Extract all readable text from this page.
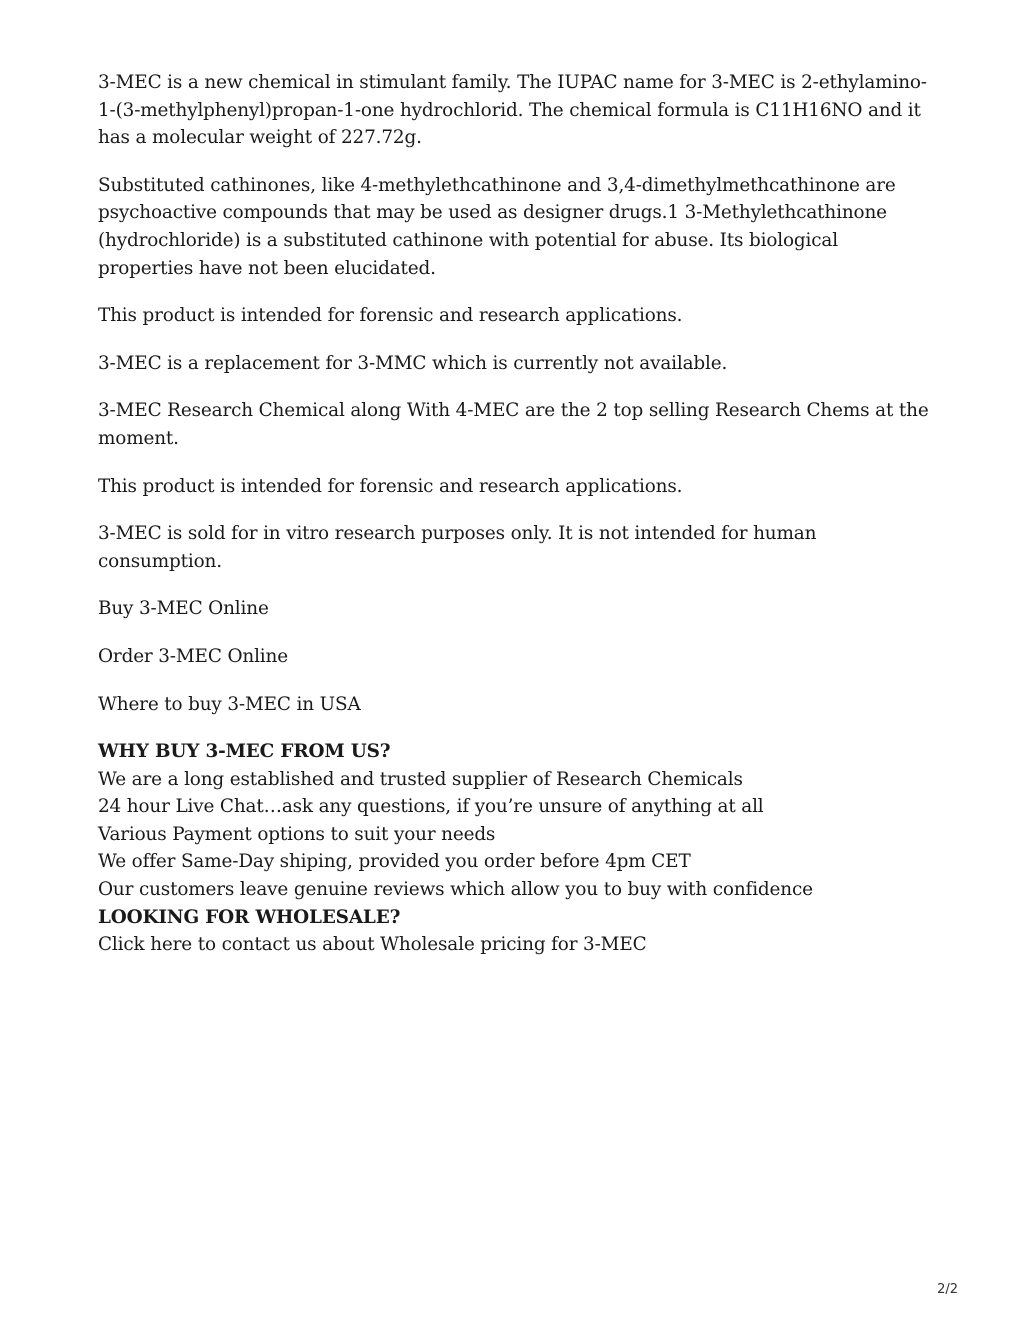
3-MEC is a new chemical in stimulant family. The IUPAC name for 3-MEC is 2-ethylamino-1-(3-methylphenyl)propan-1-one hydrochlorid. The chemical formula is C11H16NO and it has a molecular weight of 227.72g.

Substituted cathinones, like 4-methylethcathinone and 3,4-dimethylmethcathinone are psychoactive compounds that may be used as designer drugs.1 3-Methylethcathinone (hydrochloride) is a substituted cathinone with potential for abuse. Its biological properties have not been elucidated.

This product is intended for forensic and research applications.

3-MEC is a replacement for 3-MMC which is currently not available.

3-MEC Research Chemical along With 4-MEC are the 2 top selling Research Chems at the moment.

This product is intended for forensic and research applications.

3-MEC is sold for in vitro research purposes only. It is not intended for human consumption.

Buy 3-MEC Online

Order 3-MEC Online

Where to buy 3-MEC in USA

WHY BUY 3-MEC FROM US?
We are a long established and trusted supplier of Research Chemicals
24 hour Live Chat…ask any questions, if you’re unsure of anything at all
Various Payment options to suit your needs
We offer Same-Day shiping, provided you order before 4pm CET
Our customers leave genuine reviews which allow you to buy with confidence
LOOKING FOR WHOLESALE?
Click here to contact us about Wholesale pricing for 3-MEC
2/2
